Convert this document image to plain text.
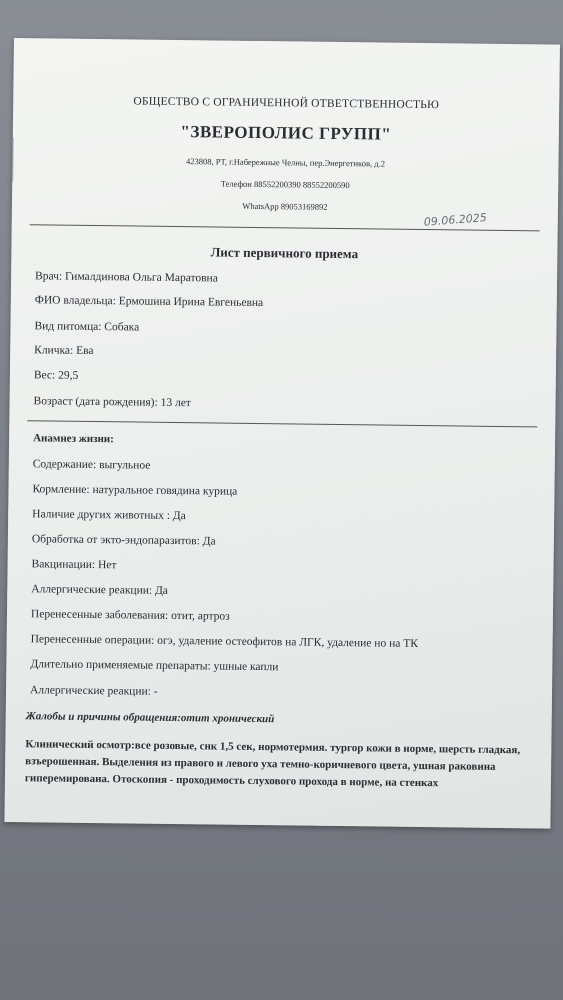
ОБЩЕСТВО С ОГРАНИЧЕННОЙ ОТВЕТСТВЕННОСТЬЮ
"ЗВЕРОПОЛИС ГРУПП"
423808, РТ, г.Набережные Челны, пер.Энергетиков, д.2
Телефон 88552200390 88552200590
WhatsApp 89053169892
09.06.2025
Лист первичного приема
Врач: Гималдинова Ольга Маратовна
ФИО владельца: Ермошина Ирина Евгеньевна
Вид питомца: Собака
Кличка: Ева
Вес: 29,5
Возраст (дата рождения): 13 лет
Анамнез жизни:
Содержание: выгульное
Кормление: натуральное говядина курица
Наличие других животных : Да
Обработка от экто-эндопаразитов: Да
Вакцинации: Нет
Аллергические реакции: Да
Перенесенные заболевания: отит, артроз
Перенесенные операции: огэ, удаление остеофитов на ЛГК, удаление но на ТК
Длительно применяемые препараты: ушные капли
Аллергические реакции: -
Жалобы и причины обращения:отит хронический
Клинический осмотр:все розовые, снк 1,5 сек, нормотермия. тургор кожи в норме, шерсть гладкая, взъерошенная. Выделения из правого и левого уха темно-коричневого цвета, ушная раковина гиперемирована. Отоскопия - проходимость слухового прохода в норме, на стенках
